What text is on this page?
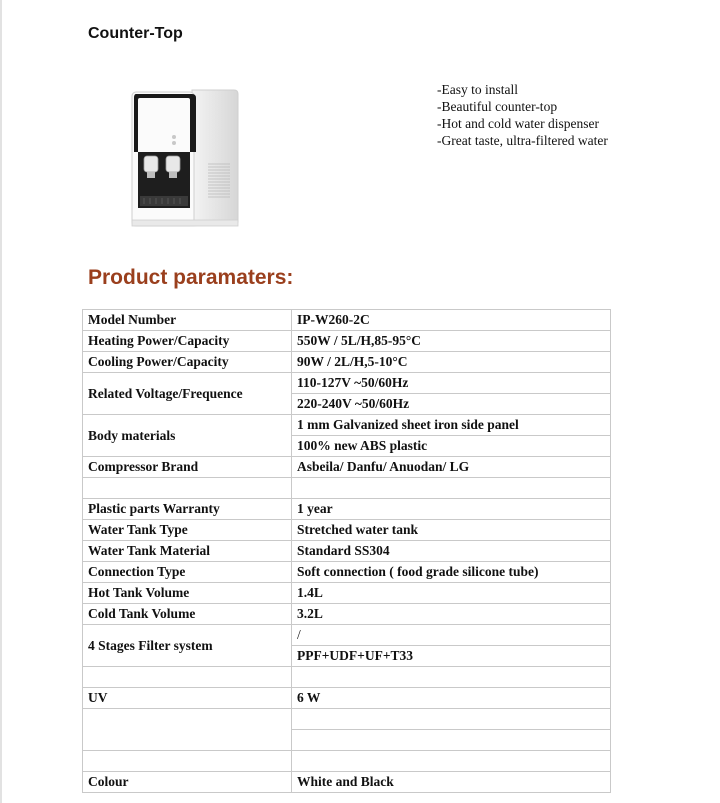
Counter-Top
-Easy to install
-Beautiful counter-top
-Hot and cold water dispenser
-Great taste, ultra-filtered water
Product paramaters:
Model Number	IP-W260-2C
Heating Power/Capacity	550W / 5L/H,85-95°C
Cooling Power/Capacity	90W / 2L/H,5-10°C
Related Voltage/Frequence	110-127V ~50/60Hz
	220-240V ~50/60Hz
Body materials	1 mm Galvanized sheet iron side panel
	100% new ABS plastic
Compressor Brand	Asbeila/ Danfu/ Anuodan/ LG

Plastic parts Warranty	1 year
Water Tank Type	Stretched water tank
Water Tank Material	Standard SS304
Connection Type	Soft connection ( food grade silicone tube)
Hot Tank Volume	1.4L
Cold Tank Volume	3.2L
4 Stages Filter system	/
	PPF+UDF+UF+T33

UV	6 W

Colour	White and Black
